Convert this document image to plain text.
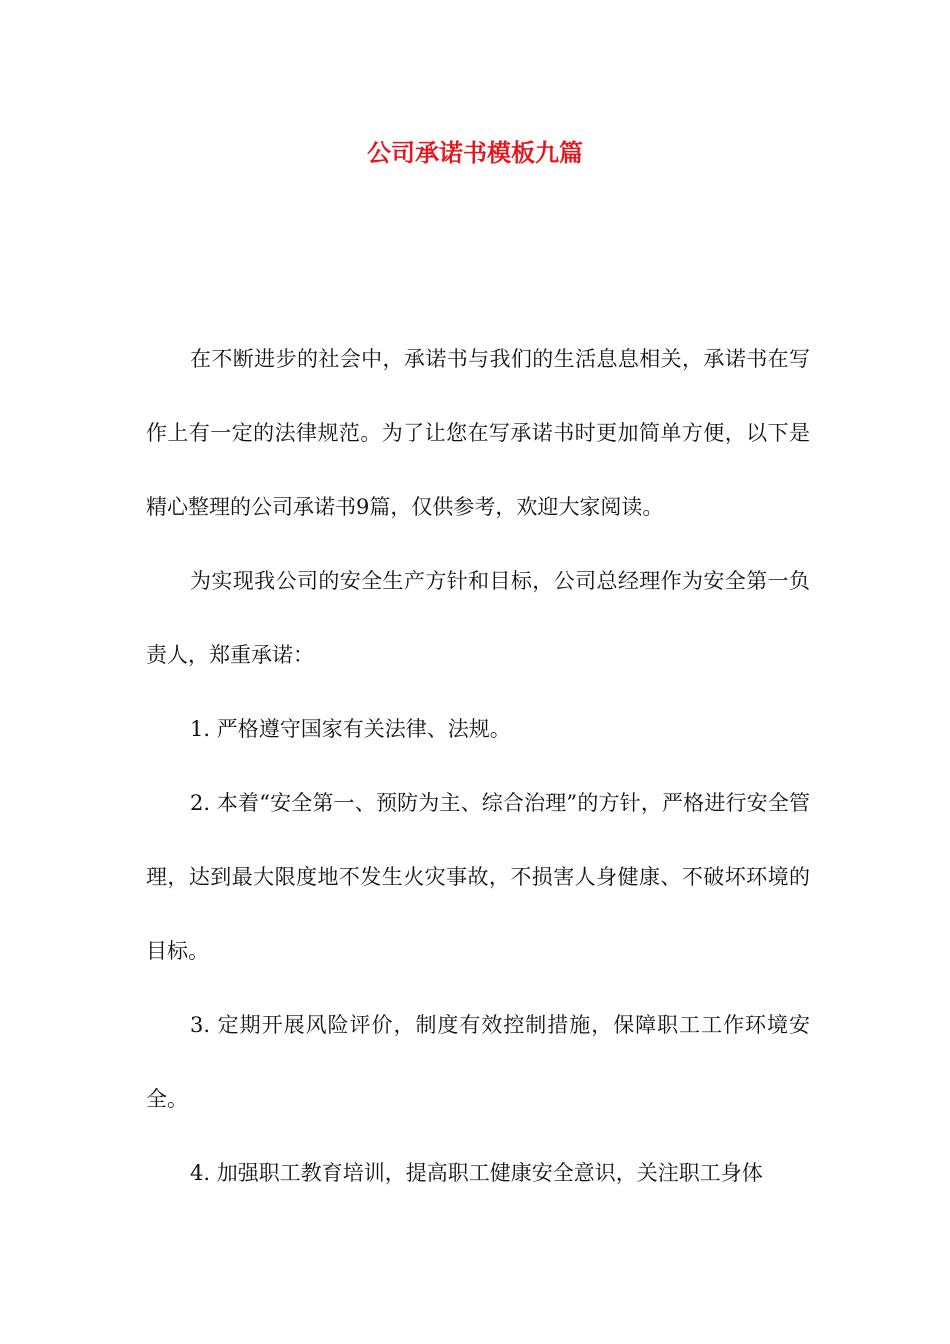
公司承诺书模板九篇

在不断进步的社会中，承诺书与我们的生活息息相关，承诺书在写作上有一定的法律规范。为了让您在写承诺书时更加简单方便，以下是精心整理的公司承诺书9篇，仅供参考，欢迎大家阅读。

为实现我公司的安全生产方针和目标，公司总经理作为安全第一负责人，郑重承诺：

1. 严格遵守国家有关法律、法规。

2. 本着“安全第一、预防为主、综合治理”的方针，严格进行安全管理，达到最大限度地不发生火灾事故，不损害人身健康、不破坏环境的目标。

3. 定期开展风险评价，制度有效控制措施，保障职工工作环境安全。

4. 加强职工教育培训，提高职工健康安全意识，关注职工身体
